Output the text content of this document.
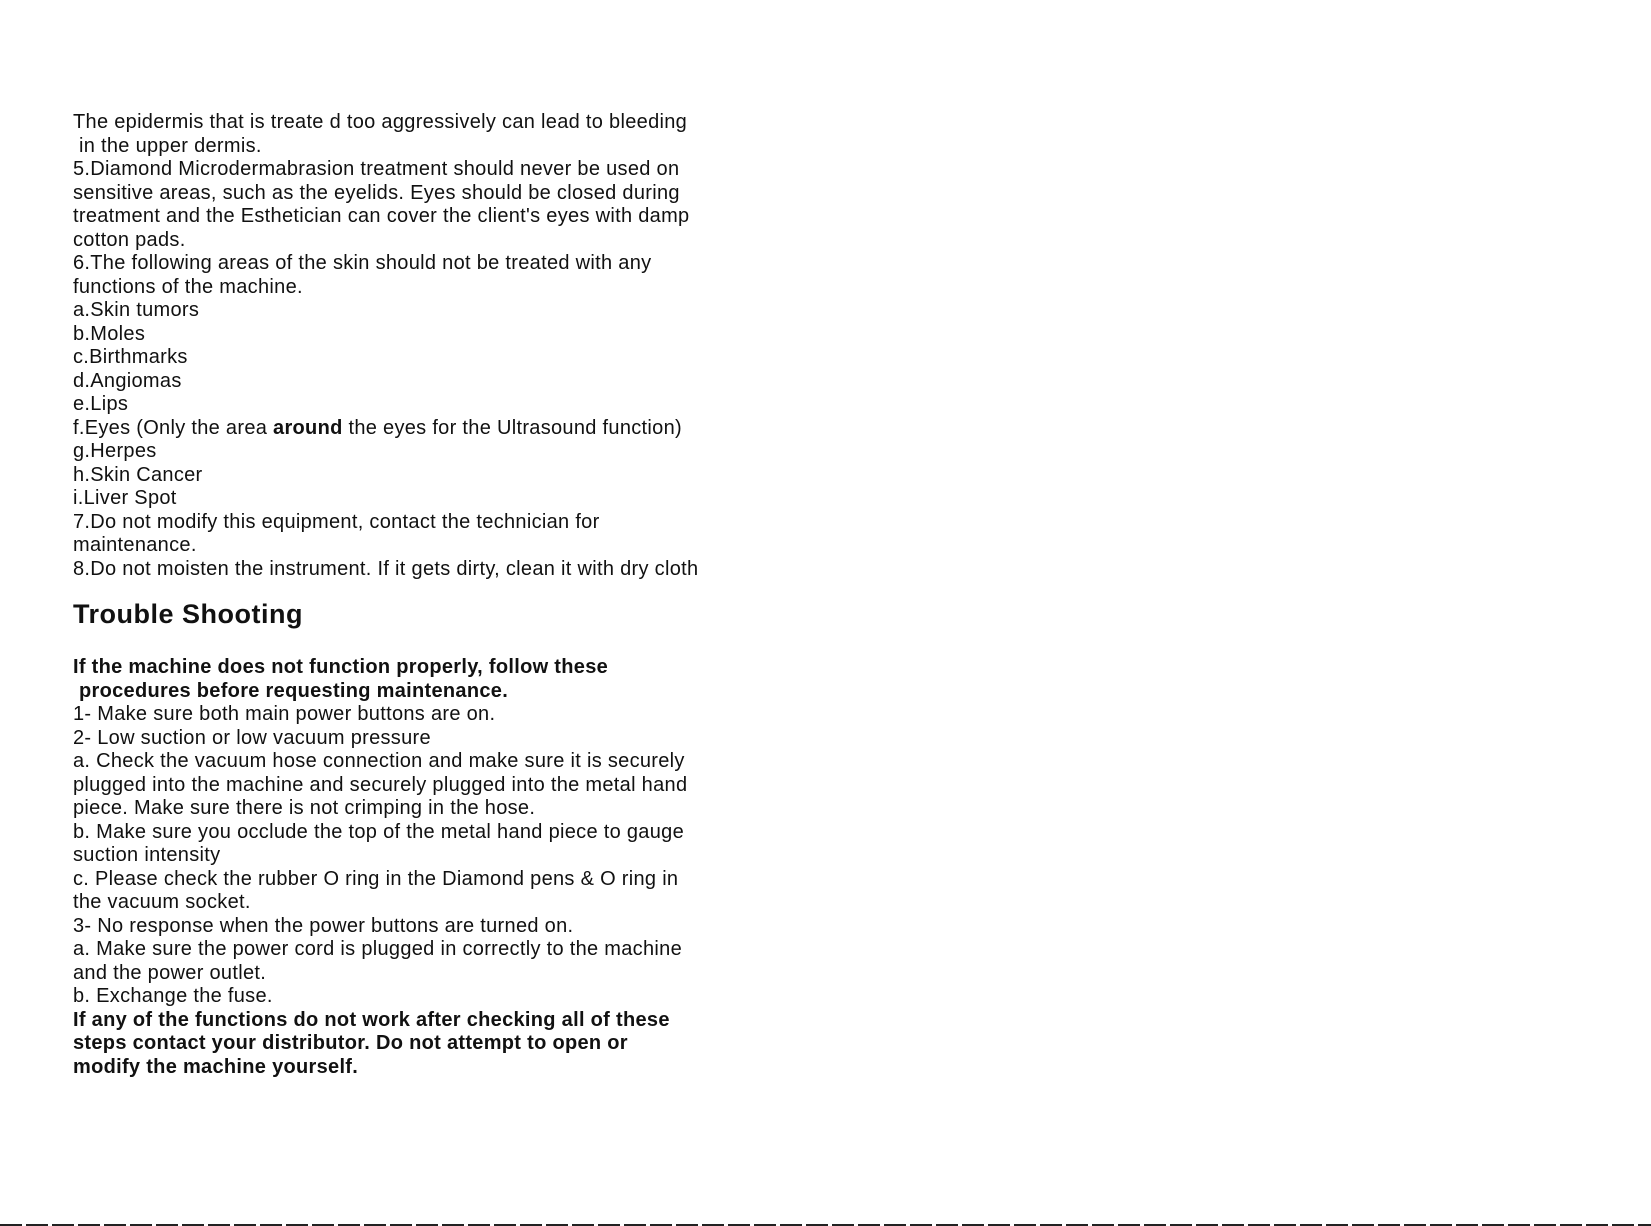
The epidermis that is treate d too aggressively can lead to bleeding
in the upper dermis.
5.Diamond Microdermabrasion treatment should never be used on
sensitive areas, such as the eyelids. Eyes should be closed during
treatment and the Esthetician can cover the client's eyes with damp
cotton pads.
6.The following areas of the skin should not be treated with any
functions of the machine.
a.Skin tumors
b.Moles
c.Birthmarks
d.Angiomas
e.Lips
f.Eyes (Only the area around the eyes for the Ultrasound function)
g.Herpes
h.Skin Cancer
i.Liver Spot
7.Do not modify this equipment, contact the technician for
maintenance.
8.Do not moisten the instrument. If it gets dirty, clean it with dry cloth
Trouble Shooting
If the machine does not function properly, follow these
procedures before requesting maintenance.
1- Make sure both main power buttons are on.
2- Low suction or low vacuum pressure
a. Check the vacuum hose connection and make sure it is securely
plugged into the machine and securely plugged into the metal hand
piece. Make sure there is not crimping in the hose.
b. Make sure you occlude the top of the metal hand piece to gauge
suction intensity
c. Please check the rubber O ring in the Diamond pens & O ring in
the vacuum socket.
3- No response when the power buttons are turned on.
a. Make sure the power cord is plugged in correctly to the machine
and the power outlet.
b. Exchange the fuse.
If any of the functions do not work after checking all of these
steps contact your distributor. Do not attempt to open or
modify the machine yourself.
